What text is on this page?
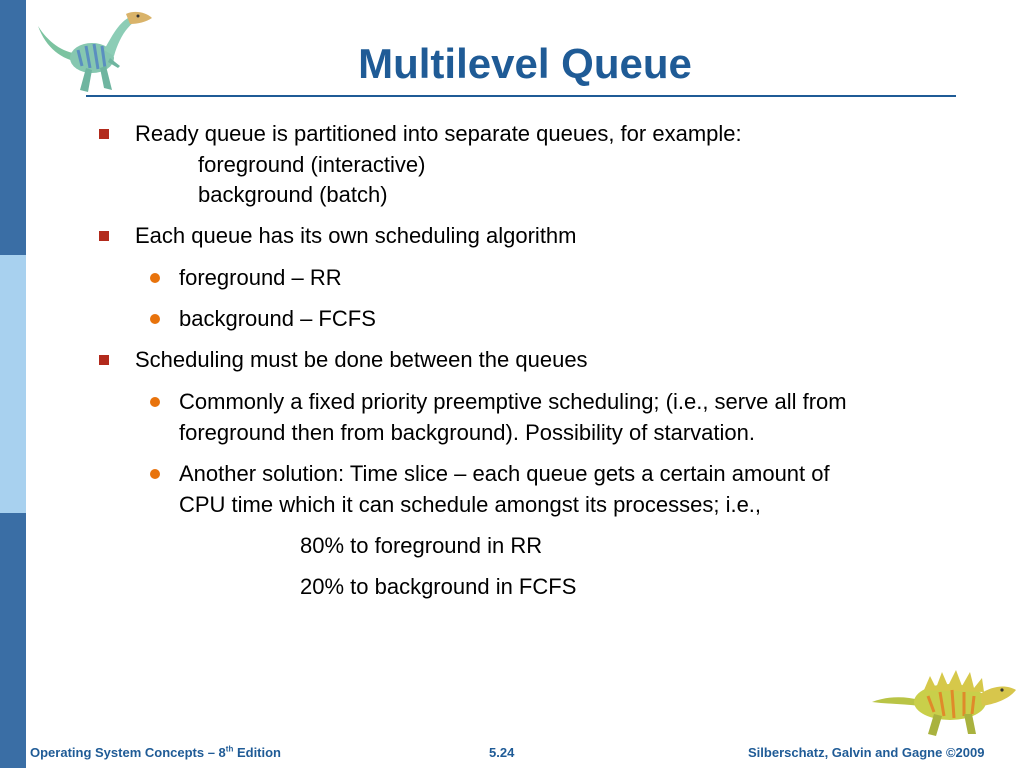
Multilevel Queue
Ready queue is partitioned into separate queues, for example:
foreground (interactive)
background (batch)
Each queue has its own scheduling algorithm
foreground – RR
background – FCFS
Scheduling must be done between the queues
Commonly a fixed priority preemptive scheduling; (i.e., serve all from
foreground then from background). Possibility of starvation.
Another solution: Time slice – each queue gets a certain amount of
CPU time which it can schedule amongst its processes; i.e.,
80% to foreground in RR
20% to background in FCFS
Operating System Concepts – 8th Edition	5.24	Silberschatz, Galvin and Gagne ©2009
